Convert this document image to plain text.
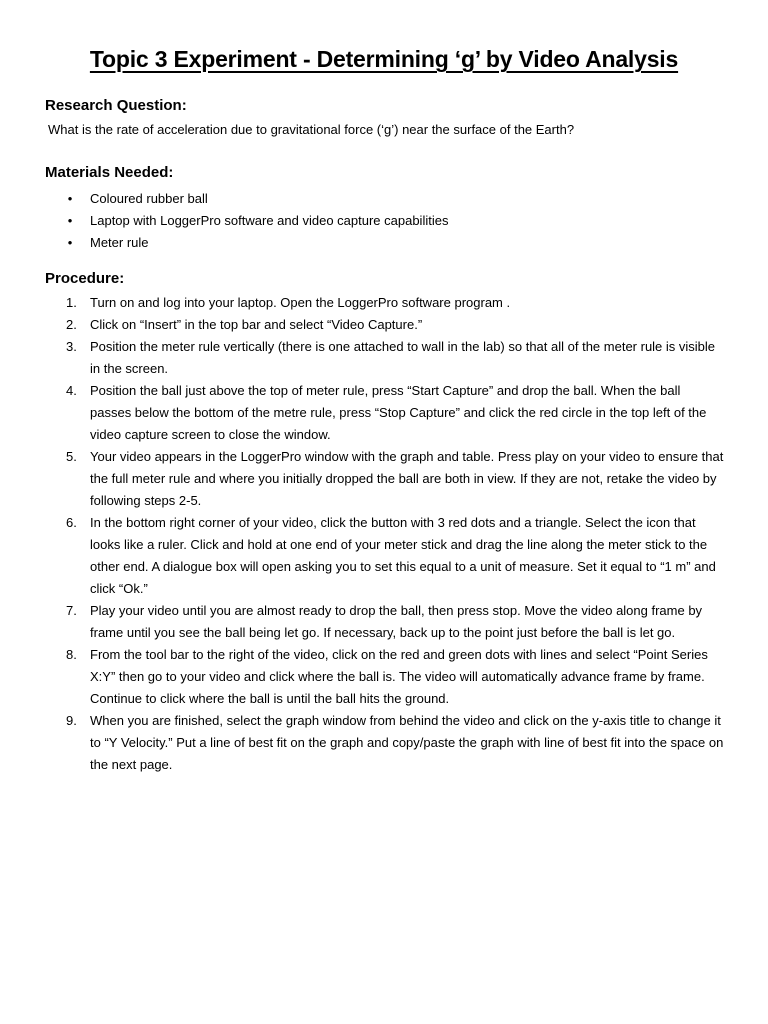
Topic 3 Experiment - Determining ‘g’ by Video Analysis
Research Question:
What is the rate of acceleration due to gravitational force (‘g’) near the surface of the Earth?
Materials Needed:
• Coloured rubber ball
• Laptop with LoggerPro software and video capture capabilities
• Meter rule
Procedure:
1.	Turn on and log into your laptop. Open the LoggerPro software program .
2.	Click on “Insert” in the top bar and select “Video Capture.”
3.	Position the meter rule vertically (there is one attached to wall in the lab) so that all of the meter rule is visible in the screen.
4.	Position the ball just above the top of meter rule, press “Start Capture” and drop the ball. When the ball passes below the bottom of the metre rule, press “Stop Capture” and click the red circle in the top left of the video capture screen to close the window.
5.	Your video appears in the LoggerPro window with the graph and table. Press play on your video to ensure that the full meter rule and where you initially dropped the ball are both in view. If they are not, retake the video by following steps 2-5.
6.	In the bottom right corner of your video, click the button with 3 red dots and a triangle. Select the icon that looks like a ruler. Click and hold at one end of your meter stick and drag the line along the meter stick to the other end. A dialogue box will open asking you to set this equal to a unit of measure. Set it equal to “1 m” and click “Ok.”
7.	Play your video until you are almost ready to drop the ball, then press stop. Move the video along frame by frame until you see the ball being let go. If necessary, back up to the point just before the ball is let go.
8.	From the tool bar to the right of the video, click on the red and green dots with lines and select “Point Series X:Y” then go to your video and click where the ball is. The video will automatically advance frame by frame. Continue to click where the ball is until the ball hits the ground.
9.	When you are finished, select the graph window from behind the video and click on the y-axis title to change it to “Y Velocity.” Put a line of best fit on the graph and copy/paste the graph with line of best fit into the space on the next page.
